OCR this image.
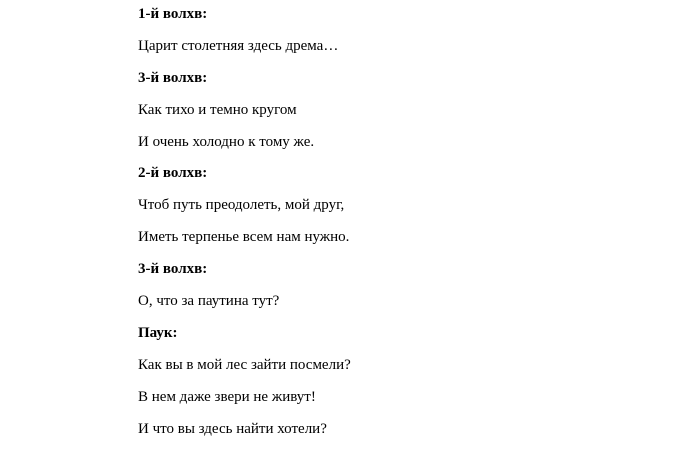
1-й волхв:
Царит столетняя здесь дрема…
3-й волхв:
Как тихо и темно кругом
И очень холодно к тому же.
2-й волхв:
Чтоб путь преодолеть, мой друг,
Иметь терпенье всем нам нужно.
3-й волхв:
О, что за паутина тут?
Паук:
Как вы в мой лес зайти посмели?
В нем даже звери не живут!
И что вы здесь найти хотели?
